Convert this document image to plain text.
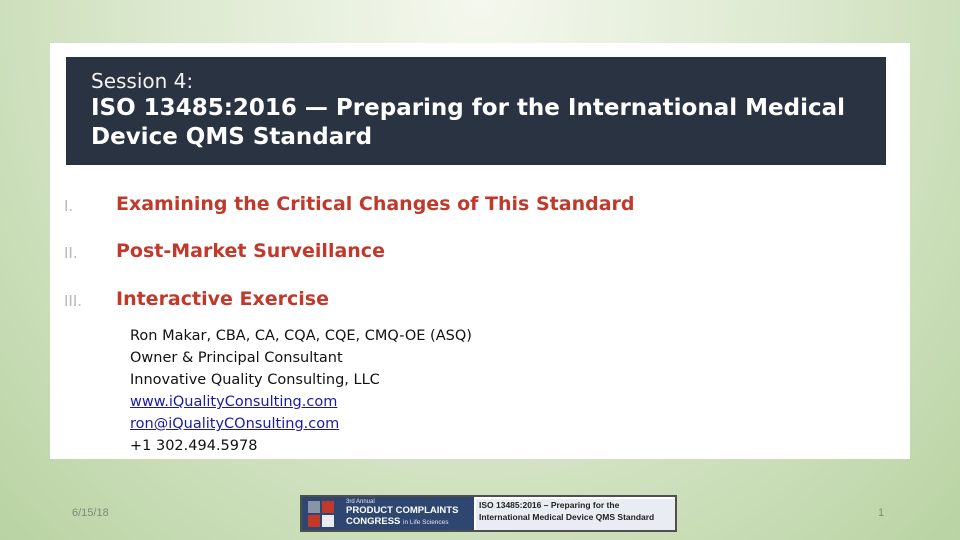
Session 4:
ISO 13485:2016 — Preparing for the International Medical Device QMS Standard
I.	Examining the Critical Changes of This Standard
II.	Post-Market Surveillance
III.	Interactive Exercise
Ron Makar, CBA, CA, CQA, CQE, CMQ-OE (ASQ)
Owner & Principal Consultant
Innovative Quality Consulting, LLC
www.iQualityConsulting.com
ron@iQualityCOnsulting.com
+1 302.494.5978
6/15/18
3rd Annual
PRODUCT COMPLAINTS
CONGRESS in Life Sciences
ISO 13485:2016 – Preparing for the
International Medical Device QMS Standard	1
